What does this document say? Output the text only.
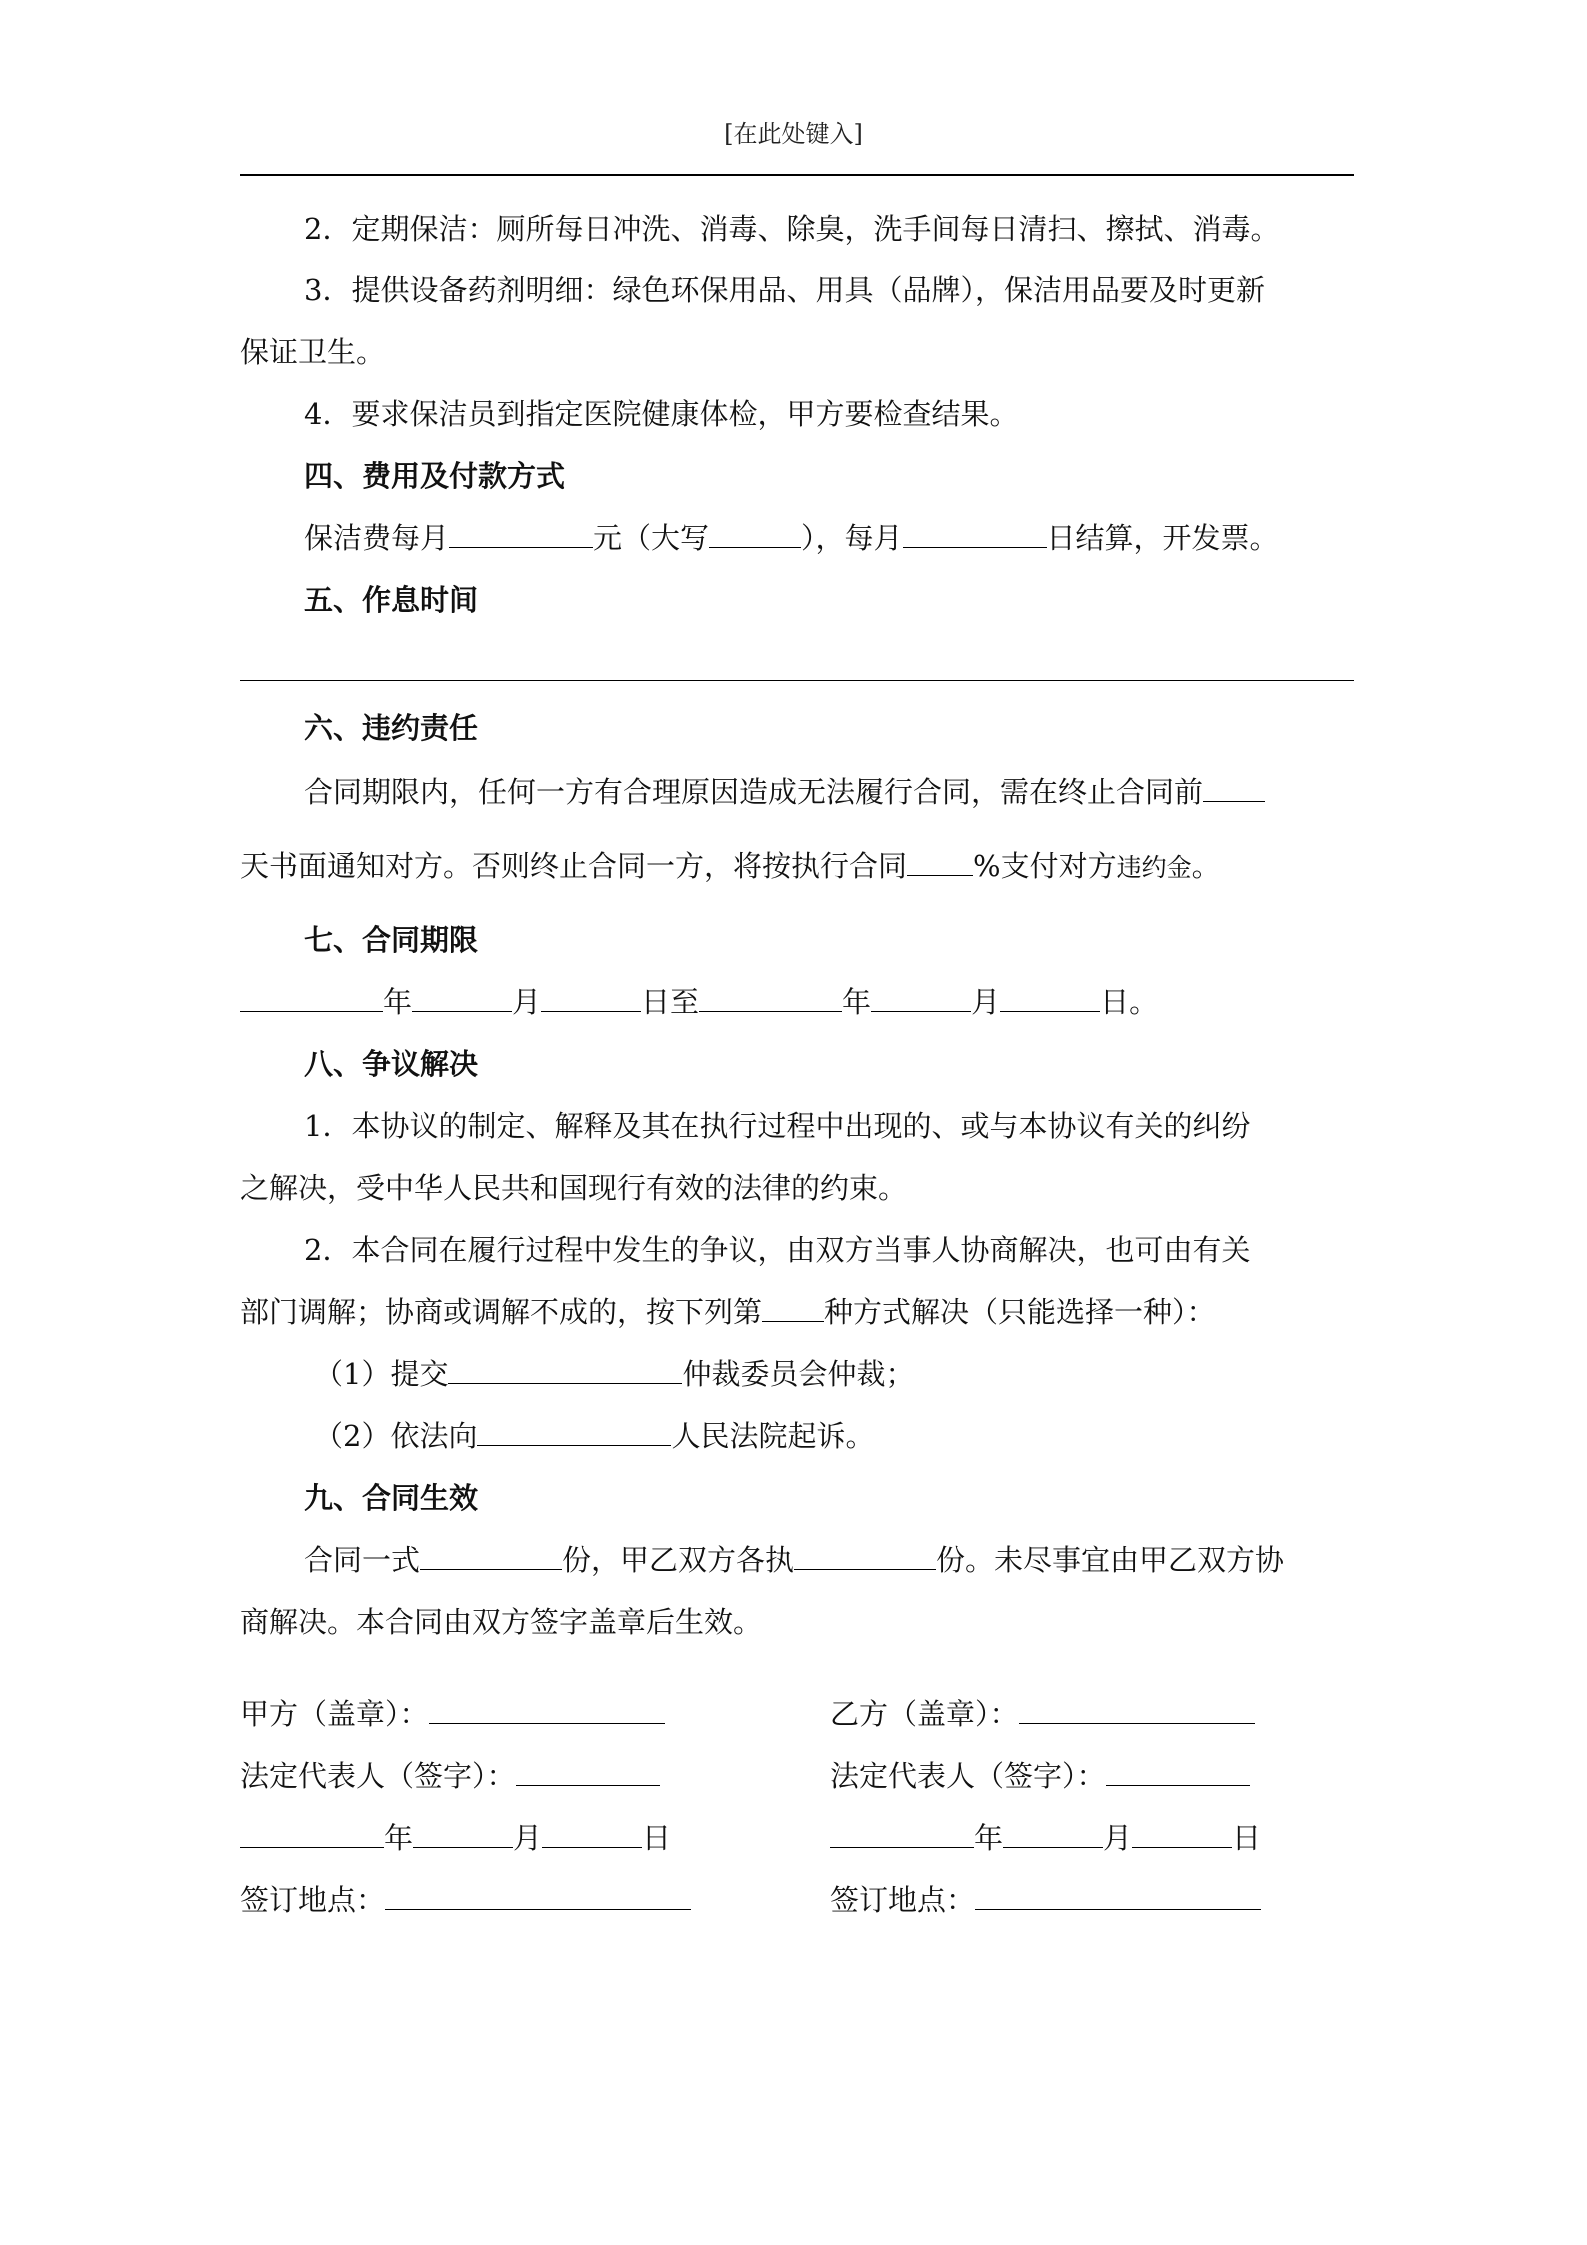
[在此处键入]
2．定期保洁：厕所每日冲洗、消毒、除臭，洗手间每日清扫、擦拭、消毒。
3．提供设备药剂明细：绿色环保用品、用具（品牌），保洁用品要及时更新
保证卫生。
4．要求保洁员到指定医院健康体检，甲方要检查结果。
四、费用及付款方式
保洁费每月	元（大写	），每月	日结算，开发票。
五、作息时间
六、违约责任
合同期限内，任何一方有合理原因造成无法履行合同，需在终止合同前
天书面通知对方。否则终止合同一方，将按执行合同 %支付对方违约金。
七、合同期限
年	月	日至	年	月	日。
八、争议解决
1．本协议的制定、解释及其在执行过程中出现的、或与本协议有关的纠纷
之解决，受中华人民共和国现行有效的法律的约束。
2．本合同在履行过程中发生的争议，由双方当事人协商解决，也可由有关
部门调解；协商或调解不成的，按下列第 种方式解决（只能选择一种）：
（1）提交	仲裁委员会仲裁；
（2）依法向	人民法院起诉。
九、合同生效
合同一式	份，甲乙双方各执	份。未尽事宜由甲乙双方协
商解决。本合同由双方签字盖章后生效。
甲方（盖章）：	乙方（盖章）：
法定代表人（签字）：	法定代表人（签字）：
年	月	日	年	月	日
签订地点：	签订地点：
